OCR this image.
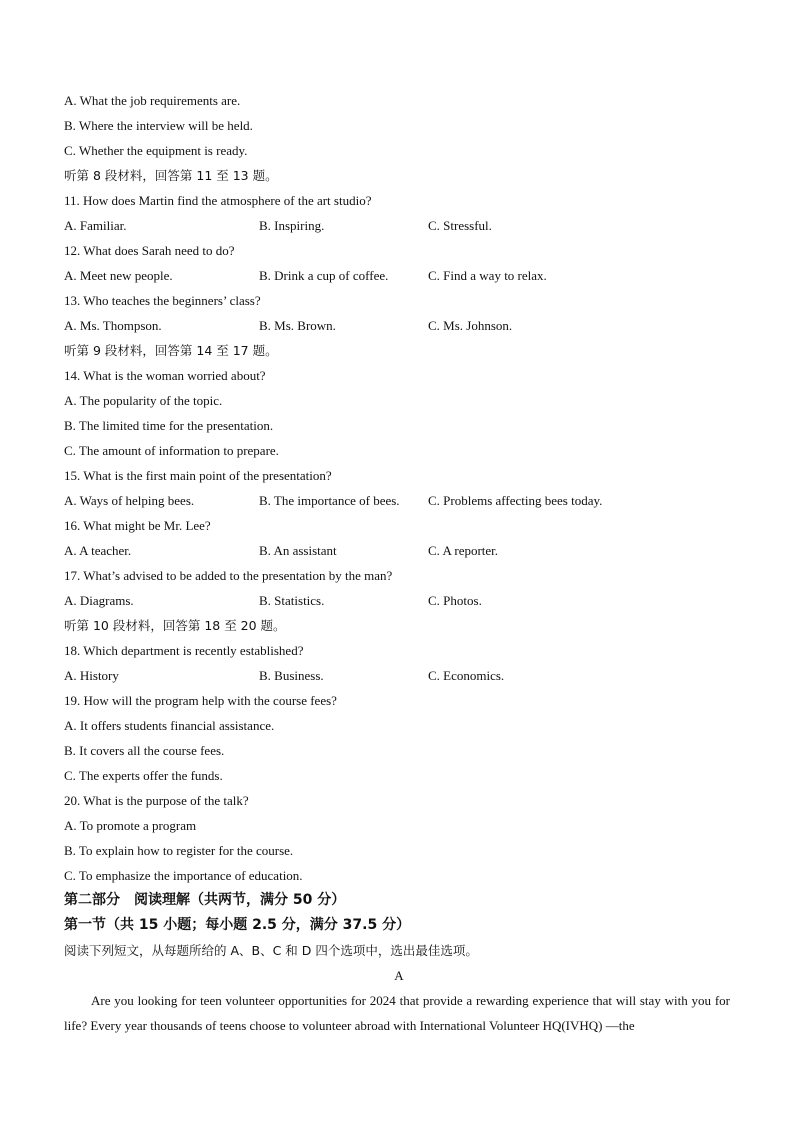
A. What the job requirements are.
B. Where the interview will be held.
C. Whether the equipment is ready.
听第 8 段材料，回答第 11 至 13 题。
11. How does Martin find the atmosphere of the art studio?
A. Familiar.	B. Inspiring.	C. Stressful.
12. What does Sarah need to do?
A. Meet new people.	B. Drink a cup of coffee.	C. Find a way to relax.
13. Who teaches the beginners’ class?
A. Ms. Thompson.	B. Ms. Brown.	C. Ms. Johnson.
听第 9 段材料，回答第 14 至 17 题。
14. What is the woman worried about?
A. The popularity of the topic.
B. The limited time for the presentation.
C. The amount of information to prepare.
15. What is the first main point of the presentation?
A. Ways of helping bees.	B. The importance of bees.	C. Problems affecting bees today.
16. What might be Mr. Lee?
A. A teacher.	B. An assistant	C. A reporter.
17. What’s advised to be added to the presentation by the man?
A. Diagrams.	B. Statistics.	C. Photos.
听第 10 段材料，回答第 18 至 20 题。
18. Which department is recently established?
A. History	B. Business.	C. Economics.
19. How will the program help with the course fees?
A. It offers students financial assistance.
B. It covers all the course fees.
C. The experts offer the funds.
20. What is the purpose of the talk?
A. To promote a program
B. To explain how to register for the course.
C. To emphasize the importance of education.
第二部分　阅读理解（共两节，满分 50 分）
第一节（共 15 小题；每小题 2.5 分，满分 37.5 分）
阅读下列短文，从每题所给的 A、B、C 和 D 四个选项中，选出最佳选项。
A
Are you looking for teen volunteer opportunities for 2024 that provide a rewarding experience that will stay with you for life? Every year thousands of teens choose to volunteer abroad with International Volunteer HQ(IVHQ) —the
